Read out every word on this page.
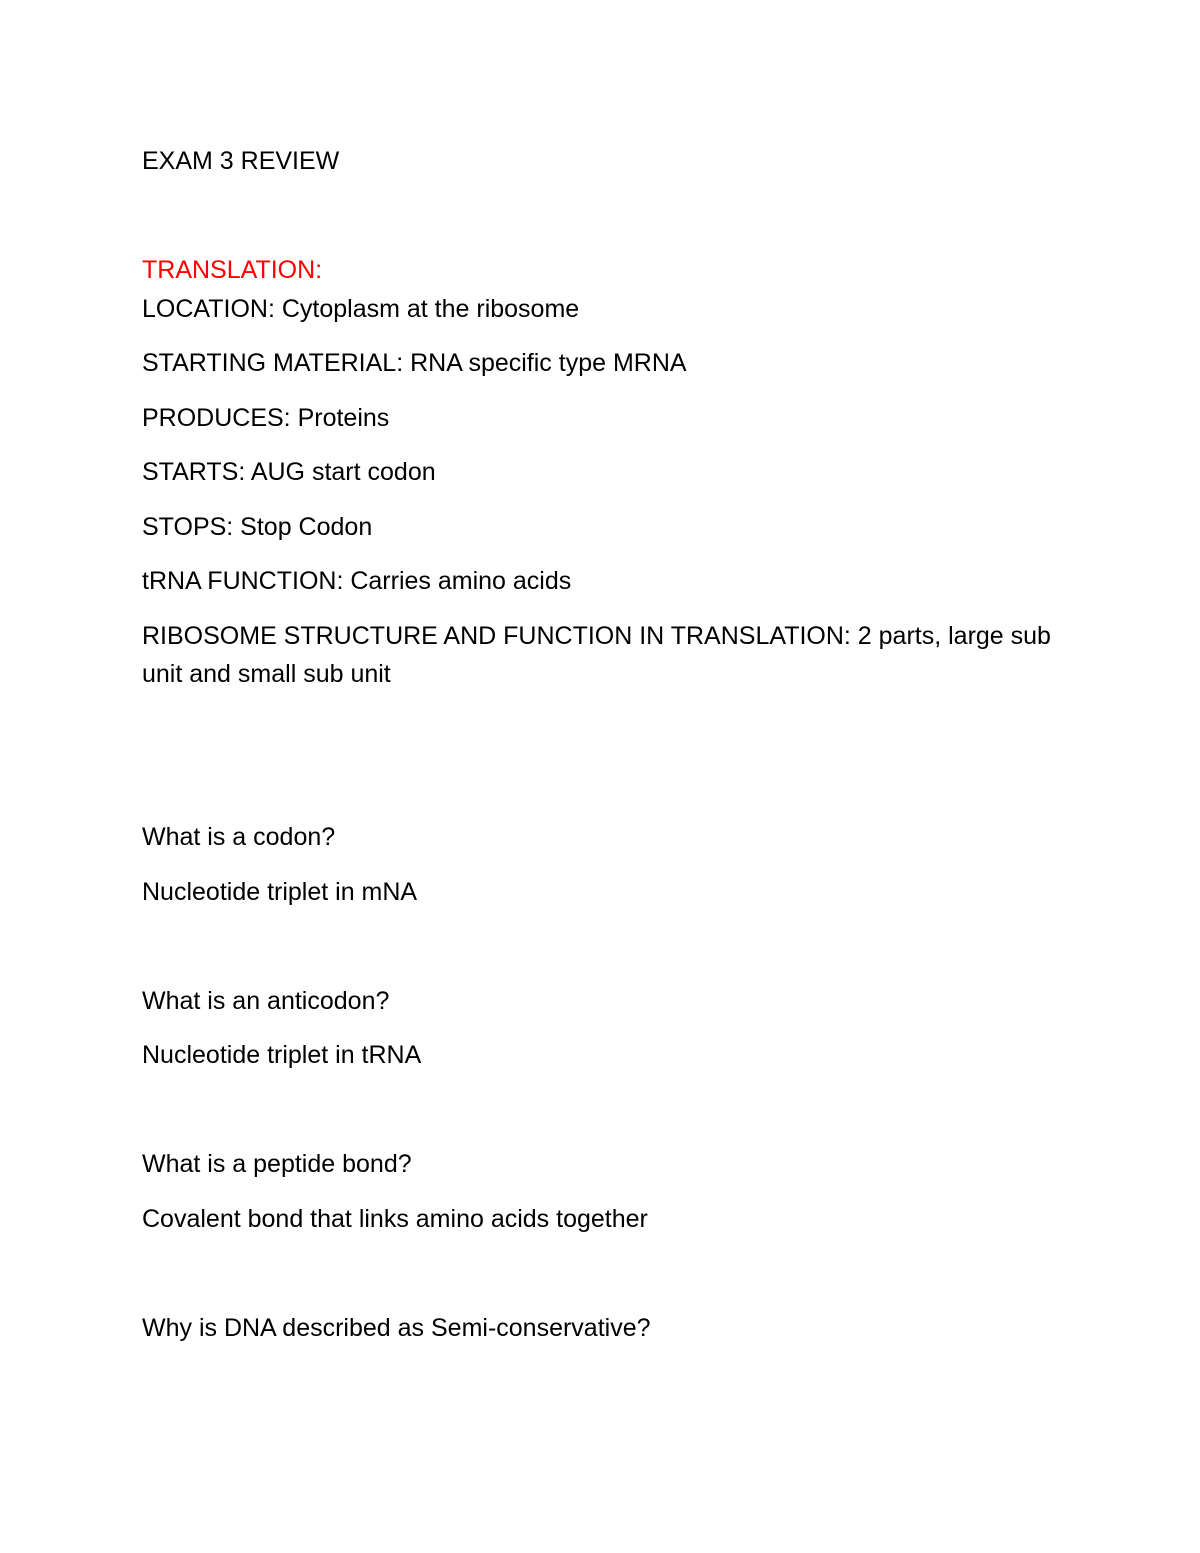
EXAM 3 REVIEW

TRANSLATION:

LOCATION: Cytoplasm at the ribosome

STARTING MATERIAL: RNA specific type MRNA

PRODUCES: Proteins

STARTS: AUG start codon

STOPS: Stop Codon

tRNA FUNCTION: Carries amino acids

RIBOSOME STRUCTURE AND FUNCTION IN TRANSLATION: 2 parts, large sub unit and small sub unit

What is a codon?

Nucleotide triplet in mNA

What is an anticodon?

Nucleotide triplet in tRNA

What is a peptide bond?

Covalent bond that links amino acids together

Why is DNA described as Semi-conservative?
